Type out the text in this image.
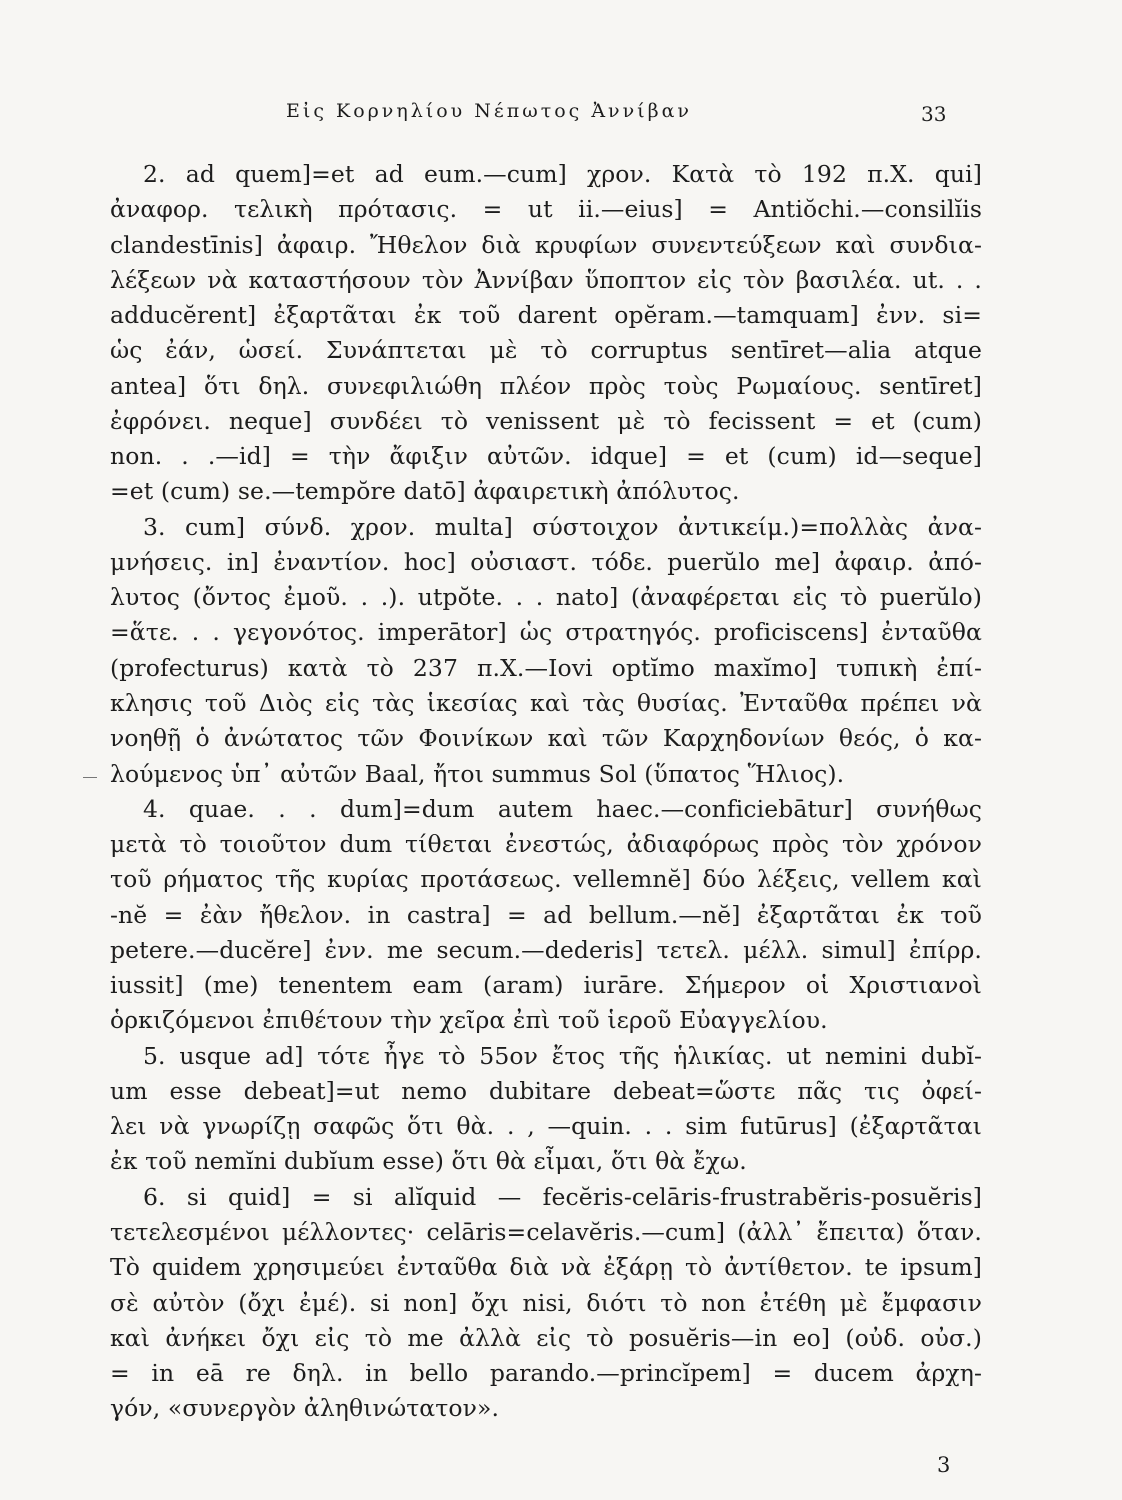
Εἰς Κορνηλίου Νέπωτος Ἀννίβαν	33
2. ad quem]=et ad eum.—cum] χρον. Κατὰ τὸ 192 π.Χ. qui]
ἀναφορ. τελικὴ πρότασις. = ut ii.—eius] = Antiŏchi.—consilĭis
clandestīnis] ἀφαιρ. Ἤθελον διὰ κρυφίων συνεντεύξεων καὶ συνδια-
λέξεων νὰ καταστήσουν τὸν Ἀννίβαν ὕποπτον εἰς τὸν βασιλέα. ut. . .
adducĕrent] ἐξαρτᾶται ἐκ τοῦ darent opĕram.—tamquam] ἐνν. si=
ὡς ἐάν, ὡσεί. Συνάπτεται μὲ τὸ corruptus sentīret—alia atque
antea] ὅτι δηλ. συνεφιλιώθη πλέον πρὸς τοὺς Ρωμαίους. sentīret]
ἐφρόνει. neque] συνδέει τὸ venissent μὲ τὸ fecissent = et (cum)
non. . .—id] = τὴν ἄφιξιν αὐτῶν. idque] = et (cum) id—seque]
=et (cum) se.—tempŏre datō] ἀφαιρετικὴ ἀπόλυτος.
3. cum] σύνδ. χρον. multa] σύστοιχον ἀντικείμ.)=πολλὰς ἀνα-
μνήσεις. in] ἐναντίον. hoc] οὐσιαστ. τόδε. puerŭlo me] ἀφαιρ. ἀπό-
λυτος (ὄντος ἐμοῦ. . .). utpŏte. . . nato] (ἀναφέρεται εἰς τὸ puerŭlo)
=ἅτε. . . γεγονότος. imperātor] ὡς στρατηγός. proficiscens] ἐνταῦθα
(profecturus) κατὰ τὸ 237 π.Χ.—Iovi optĭmo maxĭmo] τυπικὴ ἐπί-
κλησις τοῦ Διὸς εἰς τὰς ἱκεσίας καὶ τὰς θυσίας. Ἐνταῦθα πρέπει νὰ
νοηθῇ ὁ ἀνώτατος τῶν Φοινίκων καὶ τῶν Καρχηδονίων θεός, ὁ κα-
λούμενος ὑπ᾽ αὐτῶν Baal, ἤτοι summus Sol (ὕπατος Ἥλιος).
4. quae. . . dum]=dum autem haec.—conficiebātur] συνήθως
μετὰ τὸ τοιοῦτον dum τίθεται ἐνεστώς, ἀδιαφόρως πρὸς τὸν χρόνον
τοῦ ρήματος τῆς κυρίας προτάσεως. vellemnĕ] δύο λέξεις, vellem καὶ
-nĕ = ἐὰν ἤθελον. in castra] = ad bellum.—nĕ] ἐξαρτᾶται ἐκ τοῦ
petere.—ducĕre] ἐνν. me secum.—dederis] τετελ. μέλλ. simul] ἐπίρρ.
iussit] (me) tenentem eam (aram) iurāre. Σήμερον οἱ Χριστιανοὶ
ὁρκιζόμενοι ἐπιθέτουν τὴν χεῖρα ἐπὶ τοῦ ἱεροῦ Εὐαγγελίου.
5. usque ad] τότε ἦγε τὸ 55ον ἔτος τῆς ἡλικίας. ut nemini dubĭ-
um esse debeat]=ut nemo dubitare debeat=ὥστε πᾶς τις ὀφεί-
λει νὰ γνωρίζῃ σαφῶς ὅτι θὰ. . , —quin. . . sim futūrus] (ἐξαρτᾶται
ἐκ τοῦ nemĭni dubĭum esse) ὅτι θὰ εἶμαι, ὅτι θὰ ἔχω.
6. si quid] = si alĭquid — fecĕris-celāris-frustrabĕris-posuĕris]
τετελεσμένοι μέλλοντες· celāris=celavĕris.—cum] (ἀλλ᾽ ἔπειτα) ὅταν.
Τὸ quidem χρησιμεύει ἐνταῦθα διὰ νὰ ἐξάρῃ τὸ ἀντίθετον. te ipsum]
σὲ αὐτὸν (ὄχι ἐμέ). si non] ὄχι nisi, διότι τὸ non ἐτέθη μὲ ἔμφασιν
καὶ ἀνήκει ὄχι εἰς τὸ me ἀλλὰ εἰς τὸ posuĕris—in eo] (οὐδ. οὐσ.)
= in eā re δηλ. in bello parando.—princĭpem] = ducem ἀρχη-
γόν, «συνεργὸν ἀληθινώτατον».
3
